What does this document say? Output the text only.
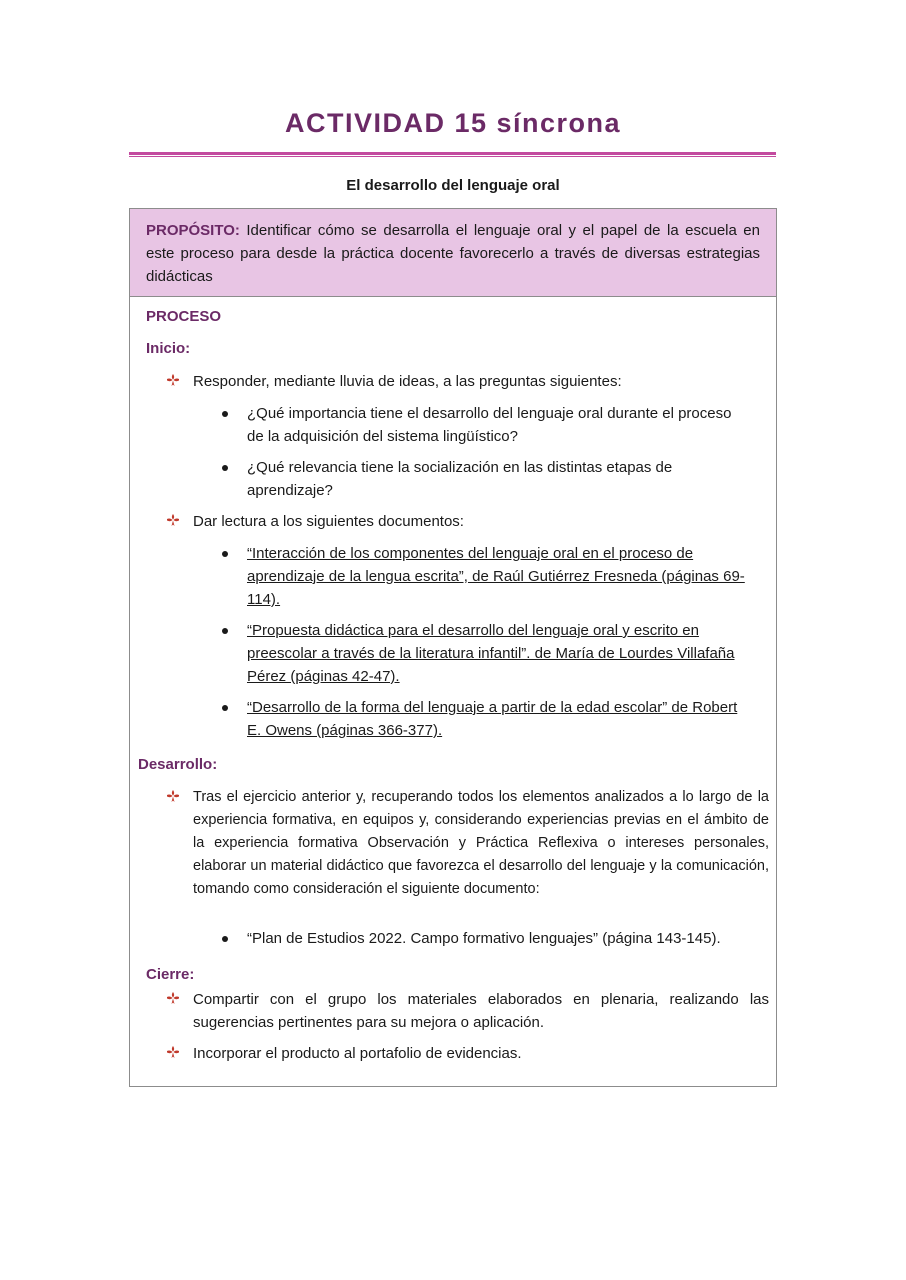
ACTIVIDAD 15 síncrona
El desarrollo del lenguaje oral

PROPÓSITO: Identificar cómo se desarrolla el lenguaje oral y el papel de la escuela en este proceso para desde la práctica docente favorecerlo a través de diversas estrategias didácticas

PROCESO

Inicio:

Responder, mediante lluvia de ideas, a las preguntas siguientes:

¿Qué importancia tiene el desarrollo del lenguaje oral durante el proceso de la adquisición del sistema lingüístico?

¿Qué relevancia tiene la socialización en las distintas etapas de aprendizaje?

Dar lectura a los siguientes documentos:

“Interacción de los componentes del lenguaje oral en el proceso de aprendizaje de la lengua escrita”, de Raúl Gutiérrez Fresneda (páginas 69-114).

“Propuesta didáctica para el desarrollo del lenguaje oral y escrito en preescolar a través de la literatura infantil”. de María de Lourdes Villafaña Pérez (páginas 42-47).

“Desarrollo de la forma del lenguaje a partir de la edad escolar” de Robert E. Owens (páginas 366-377).

Desarrollo:

Tras el ejercicio anterior y, recuperando todos los elementos analizados a lo largo de la experiencia formativa, en equipos y, considerando experiencias previas en el ámbito de la experiencia formativa Observación y Práctica Reflexiva o intereses personales, elaborar un material didáctico que favorezca el desarrollo del lenguaje y la comunicación, tomando como consideración el siguiente documento:

“Plan de Estudios 2022. Campo formativo lenguajes” (página 143-145).

Cierre:

Compartir con el grupo los materiales elaborados en plenaria, realizando las sugerencias pertinentes para su mejora o aplicación.

Incorporar el producto al portafolio de evidencias.
